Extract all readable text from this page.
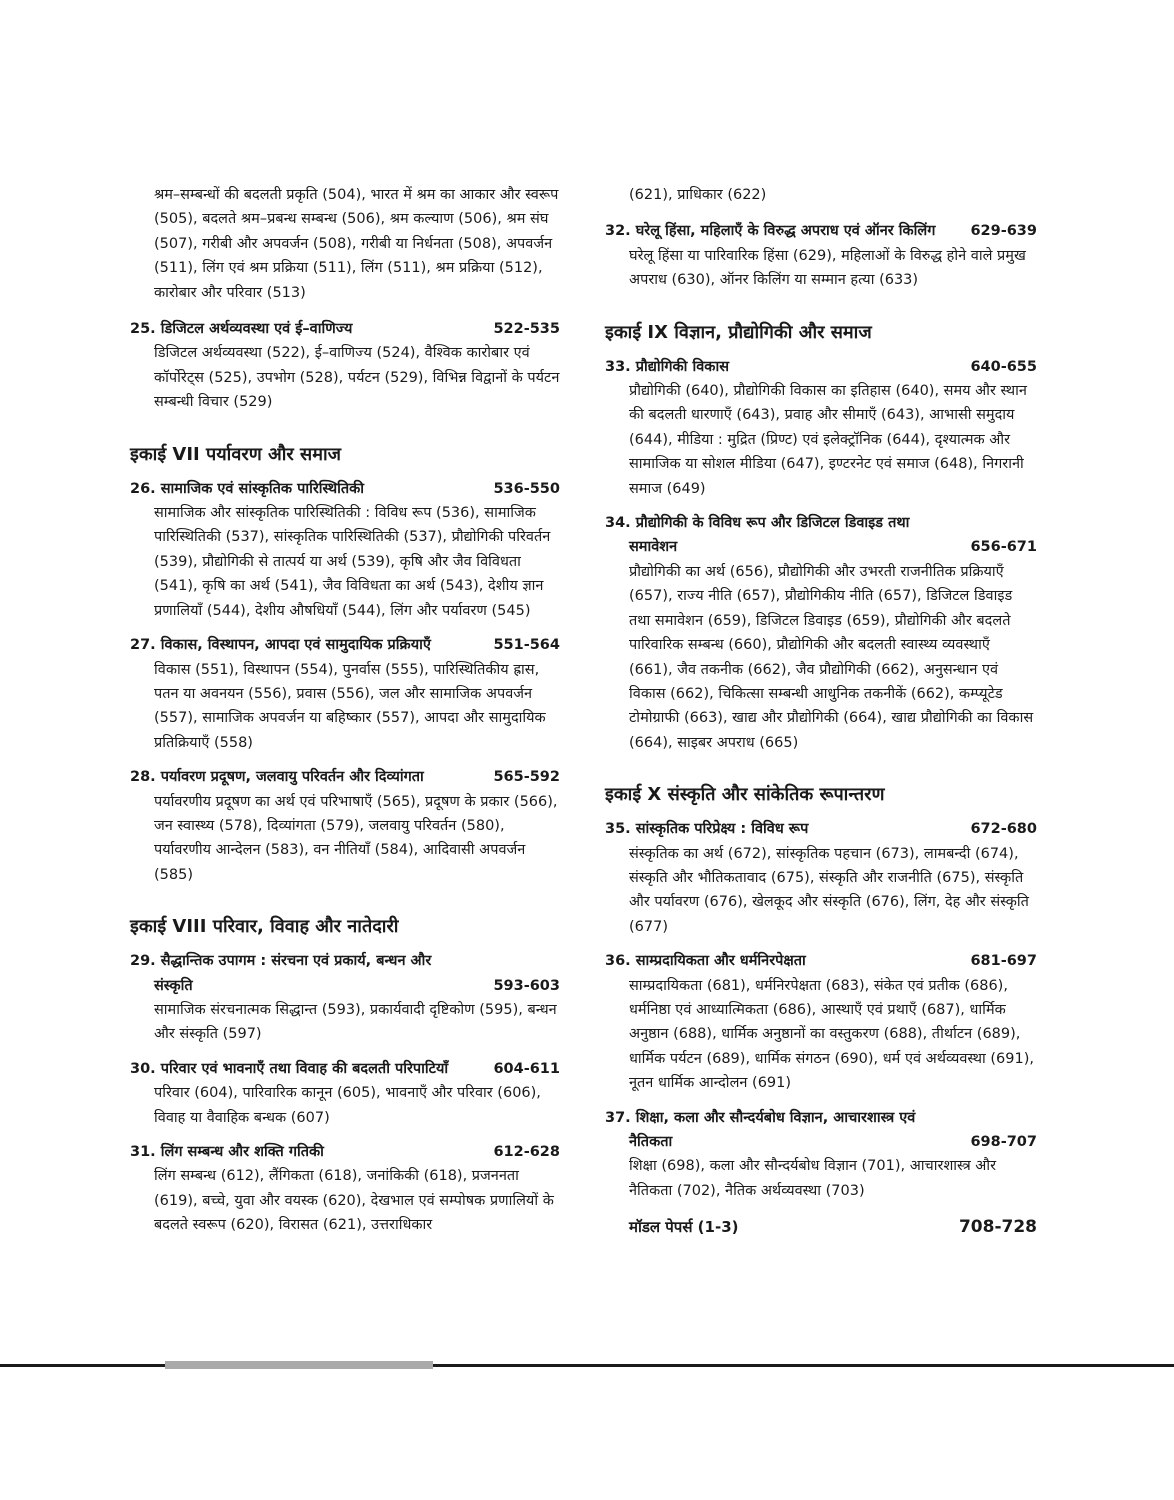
श्रम–सम्बन्धों की बदलती प्रकृति (504), भारत में श्रम का आकार और स्वरूप (505), बदलते श्रम–प्रबन्ध सम्बन्ध (506), श्रम कल्याण (506), श्रम संघ (507), गरीबी और अपवर्जन (508), गरीबी या निर्धनता (508), अपवर्जन (511), लिंग एवं श्रम प्रक्रिया (511), लिंग (511), श्रम प्रक्रिया (512), कारोबार और परिवार (513)
25. डिजिटल अर्थव्यवस्था एवं ई–वाणिज्य	522-535
डिजिटल अर्थव्यवस्था (522), ई–वाणिज्य (524), वैश्विक कारोबार एवं कॉर्पोरेट्स (525), उपभोग (528), पर्यटन (529), विभिन्न विद्वानों के पर्यटन सम्बन्धी विचार (529)
इकाई VII पर्यावरण और समाज
26. सामाजिक एवं सांस्कृतिक पारिस्थितिकी	536-550
सामाजिक और सांस्कृतिक पारिस्थितिकी : विविध रूप (536), सामाजिक पारिस्थितिकी (537), सांस्कृतिक पारिस्थितिकी (537), प्रौद्योगिकी परिवर्तन (539), प्रौद्योगिकी से तात्पर्य या अर्थ (539), कृषि और जैव विविधता (541), कृषि का अर्थ (541), जैव विविधता का अर्थ (543), देशीय ज्ञान प्रणालियाँ (544), देशीय औषधियाँ (544), लिंग और पर्यावरण (545)
27. विकास, विस्थापन, आपदा एवं सामुदायिक प्रक्रियाएँ	551-564
विकास (551), विस्थापन (554), पुनर्वास (555), पारिस्थितिकीय ह्रास, पतन या अवनयन (556), प्रवास (556), जल और सामाजिक अपवर्जन (557), सामाजिक अपवर्जन या बहिष्कार (557), आपदा और सामुदायिक प्रतिक्रियाएँ (558)
28. पर्यावरण प्रदूषण, जलवायु परिवर्तन और दिव्यांगता	565-592
पर्यावरणीय प्रदूषण का अर्थ एवं परिभाषाएँ (565), प्रदूषण के प्रकार (566), जन स्वास्थ्य (578), दिव्यांगता (579), जलवायु परिवर्तन (580), पर्यावरणीय आन्देलन (583), वन नीतियाँ (584), आदिवासी अपवर्जन (585)
इकाई VIII परिवार, विवाह और नातेदारी
29. सैद्धान्तिक उपागम : संरचना एवं प्रकार्य, बन्धन और
संस्कृति	593-603
सामाजिक संरचनात्मक सिद्धान्त (593), प्रकार्यवादी दृष्टिकोण (595), बन्धन और संस्कृति (597)
30. परिवार एवं भावनाएँ तथा विवाह की बदलती परिपाटियाँ	604-611
परिवार (604), पारिवारिक कानून (605), भावनाएँ और परिवार (606), विवाह या वैवाहिक बन्धक (607)
31. लिंग सम्बन्ध और शक्ति गतिकी	612-628
लिंग सम्बन्ध (612), लैंगिकता (618), जनांकिकी (618), प्रजननता (619), बच्चे, युवा और वयस्क (620), देखभाल एवं सम्पोषक प्रणालियों के बदलते स्वरूप (620), विरासत (621), उत्तराधिकार
(621), प्राधिकार (622)
32. घरेलू हिंसा, महिलाएँ के विरुद्ध अपराध एवं ऑनर किलिंग	629-639
घरेलू हिंसा या पारिवारिक हिंसा (629), महिलाओं के विरुद्ध होने वाले प्रमुख अपराध (630), ऑनर किलिंग या सम्मान हत्या (633)
इकाई IX विज्ञान, प्रौद्योगिकी और समाज
33. प्रौद्योगिकी विकास	640-655
प्रौद्योगिकी (640), प्रौद्योगिकी विकास का इतिहास (640), समय और स्थान की बदलती धारणाएँ (643), प्रवाह और सीमाएँ (643), आभासी समुदाय (644), मीडिया : मुद्रित (प्रिण्ट) एवं इलेक्ट्रॉनिक (644), दृश्यात्मक और सामाजिक या सोशल मीडिया (647), इण्टरनेट एवं समाज (648), निगरानी समाज (649)
34. प्रौद्योगिकी के विविध रूप और डिजिटल डिवाइड तथा
समावेशन	656-671
प्रौद्योगिकी का अर्थ (656), प्रौद्योगिकी और उभरती राजनीतिक प्रक्रियाएँ (657), राज्य नीति (657), प्रौद्योगिकीय नीति (657), डिजिटल डिवाइड तथा समावेशन (659), डिजिटल डिवाइड (659), प्रौद्योगिकी और बदलते पारिवारिक सम्बन्ध (660), प्रौद्योगिकी और बदलती स्वास्थ्य व्यवस्थाएँ (661), जैव तकनीक (662), जैव प्रौद्योगिकी (662), अनुसन्धान एवं विकास (662), चिकित्सा सम्बन्धी आधुनिक तकनीकें (662), कम्प्यूटेड टोमोग्राफी (663), खाद्य और प्रौद्योगिकी (664), खाद्य प्रौद्योगिकी का विकास (664), साइबर अपराध (665)
इकाई X संस्कृति और सांकेतिक रूपान्तरण
35. सांस्कृतिक परिप्रेक्ष्य : विविध रूप	672-680
संस्कृतिक का अर्थ (672), सांस्कृतिक पहचान (673), लामबन्दी (674), संस्कृति और भौतिकतावाद (675), संस्कृति और राजनीति (675), संस्कृति और पर्यावरण (676), खेलकूद और संस्कृति (676), लिंग, देह और संस्कृति (677)
36. साम्प्रदायिकता और धर्मनिरपेक्षता	681-697
साम्प्रदायिकता (681), धर्मनिरपेक्षता (683), संकेत एवं प्रतीक (686), धर्मनिष्ठा एवं आध्यात्मिकता (686), आस्थाएँ एवं प्रथाएँ (687), धार्मिक अनुष्ठान (688), धार्मिक अनुष्ठानों का वस्तुकरण (688), तीर्थाटन (689), धार्मिक पर्यटन (689), धार्मिक संगठन (690), धर्म एवं अर्थव्यवस्था (691), नूतन धार्मिक आन्दोलन (691)
37. शिक्षा, कला और सौन्दर्यबोध विज्ञान, आचारशास्त्र एवं
नैतिकता	698-707
शिक्षा (698), कला और सौन्दर्यबोध विज्ञान (701), आचारशास्त्र और नैतिकता (702), नैतिक अर्थव्यवस्था (703)
मॉडल पेपर्स (1-3)	708-728
